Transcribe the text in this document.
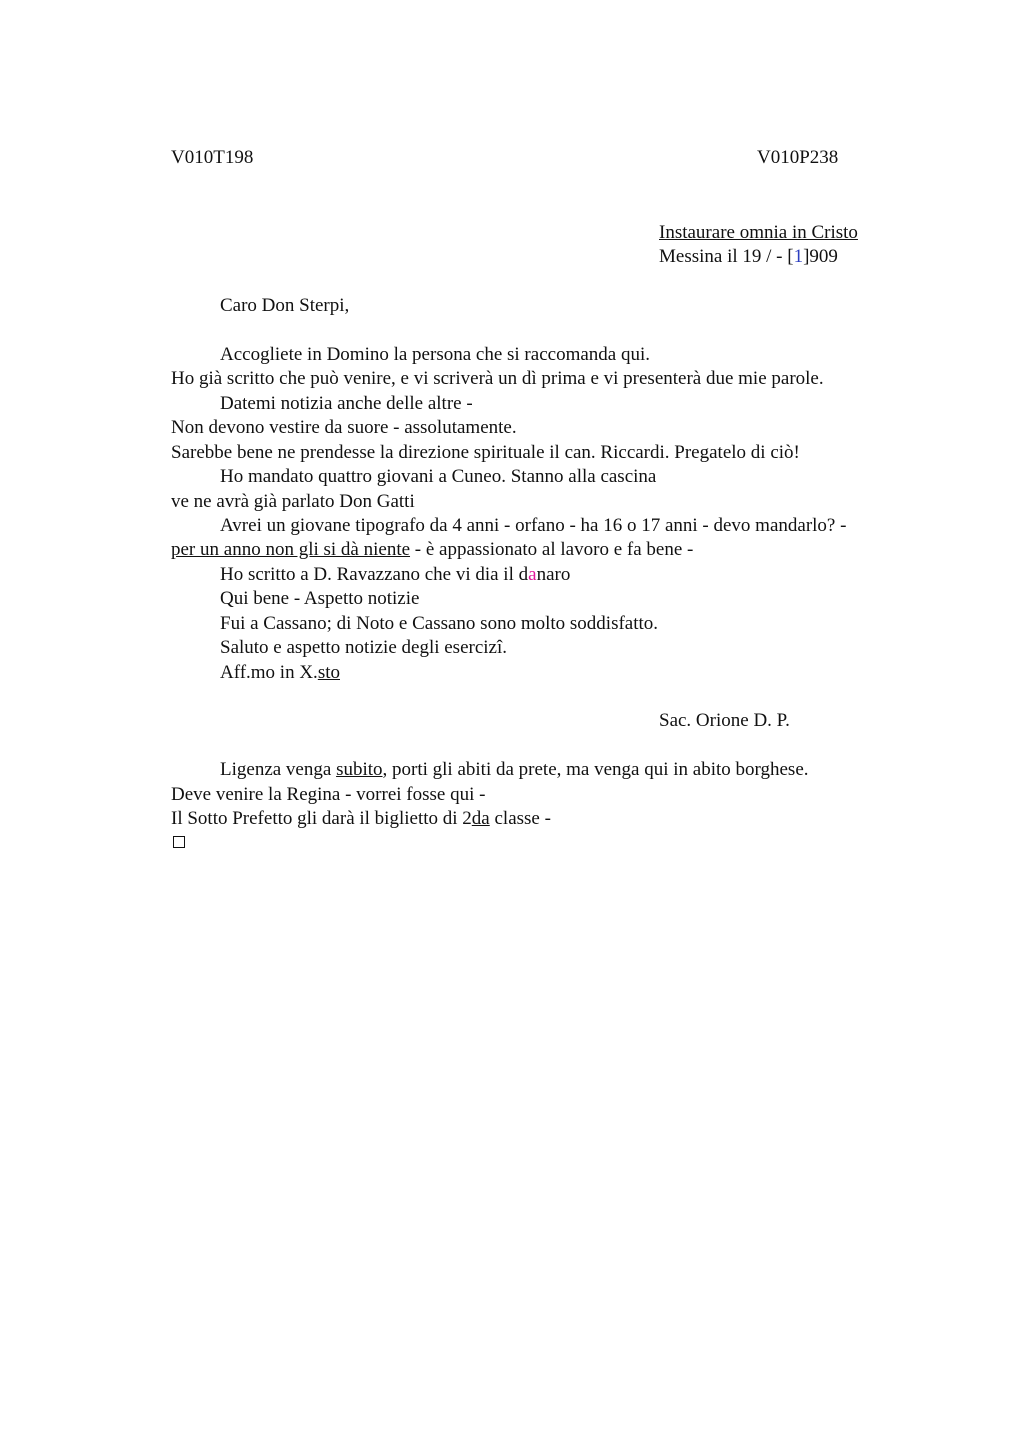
V010T198	V010P238
Instaurare omnia in Cristo
Messina il 19 / - [1]909
Caro Don Sterpi,
Accogliete in Domino la persona che si raccomanda qui.
Ho già scritto che può venire, e vi scriverà un dì prima e vi presenterà due mie parole.
Datemi notizia anche delle altre -
Non devono vestire da suore - assolutamente.
Sarebbe bene ne prendesse la direzione spirituale il can. Riccardi. Pregatelo di ciò!
Ho mandato quattro giovani a Cuneo. Stanno alla cascina
ve ne avrà già parlato Don Gatti
Avrei un giovane tipografo da 4 anni - orfano - ha 16 o 17 anni - devo mandarlo? -
per un anno non gli si dà niente - è appassionato al lavoro e fa bene -
Ho scritto a D. Ravazzano che vi dia il danaro
Qui bene - Aspetto notizie
Fui a Cassano; di Noto e Cassano sono molto soddisfatto.
Saluto e aspetto notizie degli esercizi.
Aff.mo in X.sto
Sac. Orione D. P.
Ligenza venga subito, porti gli abiti da prete, ma venga qui in abito borghese.
Deve venire la Regina - vorrei fosse qui -
Il Sotto Prefetto gli darà il biglietto di 2da classe -
